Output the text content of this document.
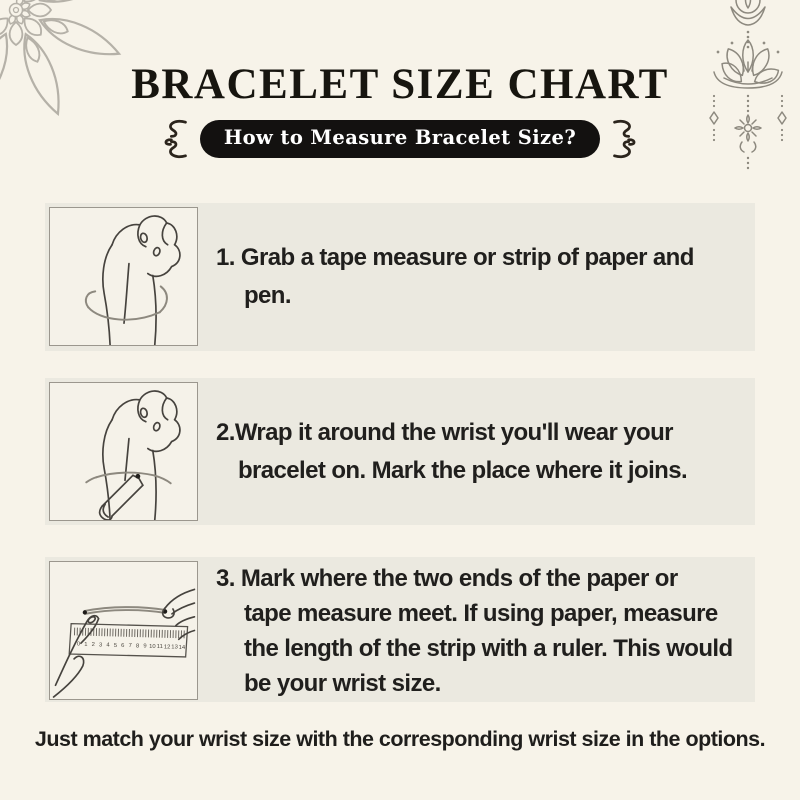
BRACELET SIZE CHART
How to Measure Bracelet Size?
1. Grab a tape measure or strip of paper and
pen.
2.Wrap it around the wrist you'll wear your
bracelet on. Mark the place where it joins.
0 1 2 3 4 5 6 7 8 9 10 11 12 13 14
3. Mark where the two ends of the paper or
tape measure meet. If using paper, measure
the length of the strip with a ruler. This would
be your wrist size.
Just match your wrist size with the corresponding wrist size in the options.
